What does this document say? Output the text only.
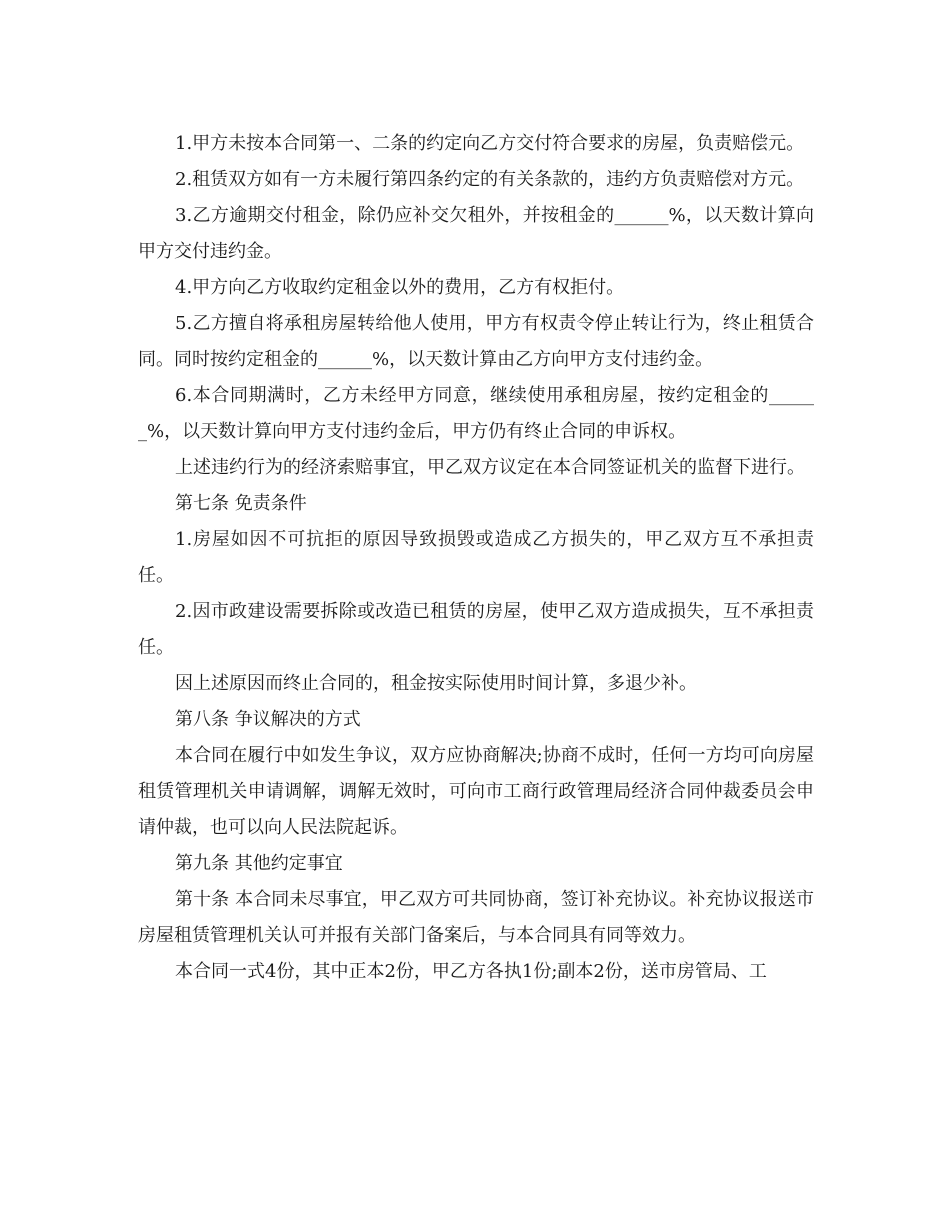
1.甲方未按本合同第一、二条的约定向乙方交付符合要求的房屋，负责赔偿元。

2.租赁双方如有一方未履行第四条约定的有关条款的，违约方负责赔偿对方元。

3.乙方逾期交付租金，除仍应补交欠租外，并按租金的______%，以天数计算向甲方交付违约金。

4.甲方向乙方收取约定租金以外的费用，乙方有权拒付。

5.乙方擅自将承租房屋转给他人使用，甲方有权责令停止转让行为，终止租赁合同。同时按约定租金的______%，以天数计算由乙方向甲方支付违约金。

6.本合同期满时，乙方未经甲方同意，继续使用承租房屋，按约定租金的______%，以天数计算向甲方支付违约金后，甲方仍有终止合同的申诉权。

上述违约行为的经济索赔事宜，甲乙双方议定在本合同签证机关的监督下进行。

第七条 免责条件

1.房屋如因不可抗拒的原因导致损毁或造成乙方损失的，甲乙双方互不承担责任。

2.因市政建设需要拆除或改造已租赁的房屋，使甲乙双方造成损失，互不承担责任。

因上述原因而终止合同的，租金按实际使用时间计算，多退少补。

第八条 争议解决的方式

本合同在履行中如发生争议，双方应协商解决;协商不成时，任何一方均可向房屋租赁管理机关申请调解，调解无效时，可向市工商行政管理局经济合同仲裁委员会申请仲裁，也可以向人民法院起诉。

第九条 其他约定事宜

第十条 本合同未尽事宜，甲乙双方可共同协商，签订补充协议。补充协议报送市房屋租赁管理机关认可并报有关部门备案后，与本合同具有同等效力。

本合同一式4份，其中正本2份，甲乙方各执1份;副本2份，送市房管局、工
